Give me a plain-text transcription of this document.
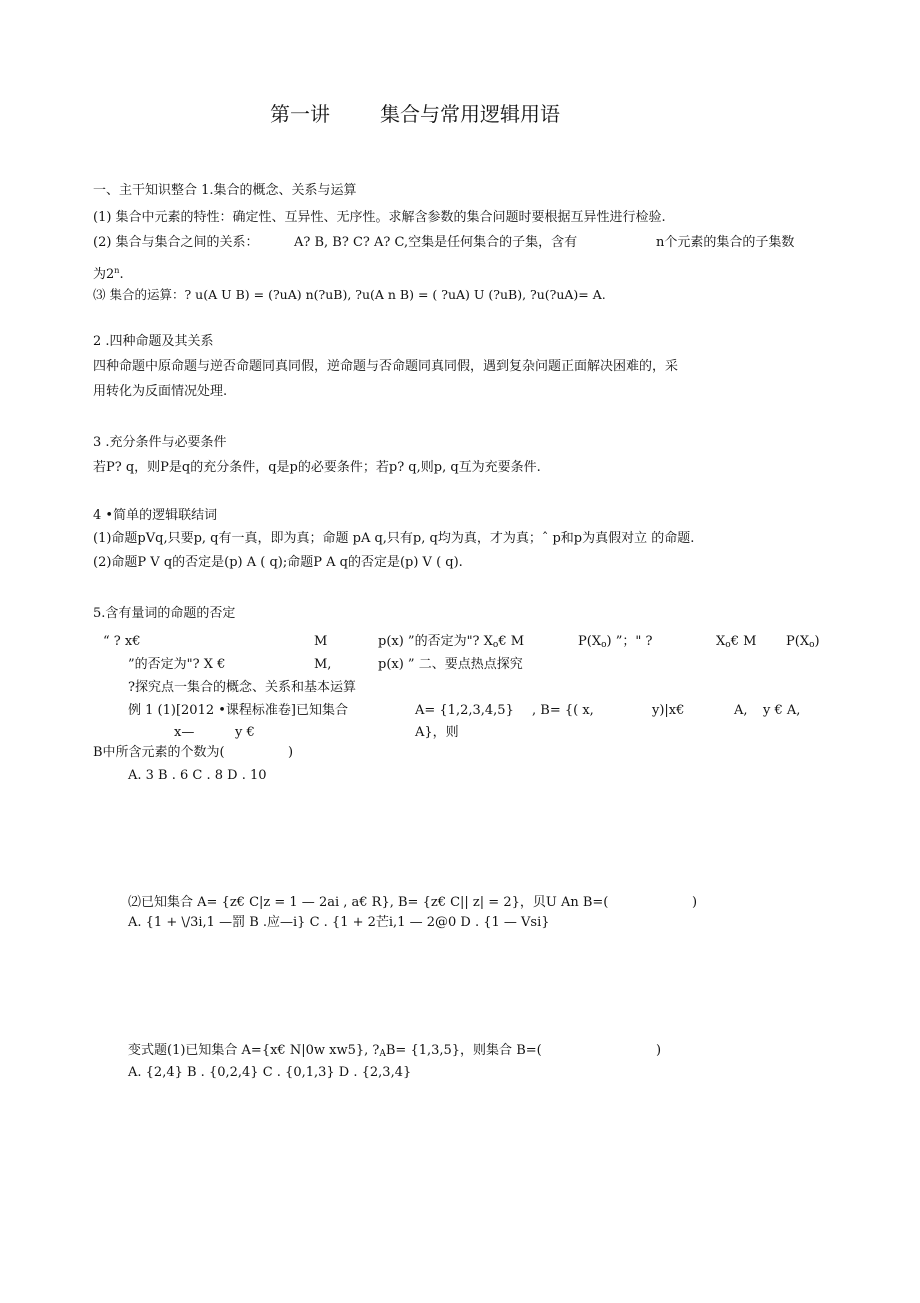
第一讲	集合与常用逻辑用语
一、主干知识整合 1.集合的概念、关系与运算
(1) 集合中元素的特性：确定性、互异性、无序性。求解含参数的集合问题时要根据互异性进行检验.
(2) 集合与集合之间的关系：	A? B, B? C? A? C,空集是任何集合的子集，含有	n个元素的集合的子集数
为2$^n$.
⑶ 集合的运算：? u(A U B) = (?uA) n(?uB), ?u(A n B) = ( ?uA) U (?uB), ?u(?uA)= A.
2 .四种命题及其关系
四种命题中原命题与逆否命题同真同假，逆命题与否命题同真同假，遇到复杂问题正面解决困难的，采
用转化为反面情况处理.
3 .充分条件与必要条件
若P? q，则P是q的充分条件，q是p的必要条件；若p? q,则p, q互为充要条件.
4 •简单的逻辑联结词
(1)命题pVq,只要p, q有一真，即为真；命题 pA q,只有p, q均为真，才为真；ˆ p和p为真假对立 的命题.
(2)命题P V q的否定是(p) A ( q);命题P A q的否定是(p) V ( q).
5.含有量词的命题的否定
“ ? x€	M	p(x) ”的否定为"? $X_o€$ M	$P(X_o)$ ”；" ?	$X_o€$ M $P(X_o)$
”的否定为"? X €	M,	p(x) ” 二、要点热点探究
?探究点一集合的概念、关系和基本运算
例 1 (1)[2012 •课程标准卷]已知集合	A= {1,2,3,4,5} , B= {( x,	y)|x€	A, y € A,
x—	y €	A}，则
B中所含元素的个数为(	)
A. 3 B . 6 C . 8 D . 10
⑵已知集合 A= {z€ C|z = 1 — 2ai , a€ R}, B= {z€ C|| z| = 2}，贝U An B=(	)
A. {1 + \/3i,1 —罰 B .应—i} C . {1 + 2芒i,1 — 2@0 D . {1 — Vsi}
变式题(1)已知集合 A={x€ N|0w xw5}, $?_AB= \{1,3,5\}$，则集合 B=(	)
A. {2,4} B . {0,2,4} C . {0,1,3} D . {2,3,4}
